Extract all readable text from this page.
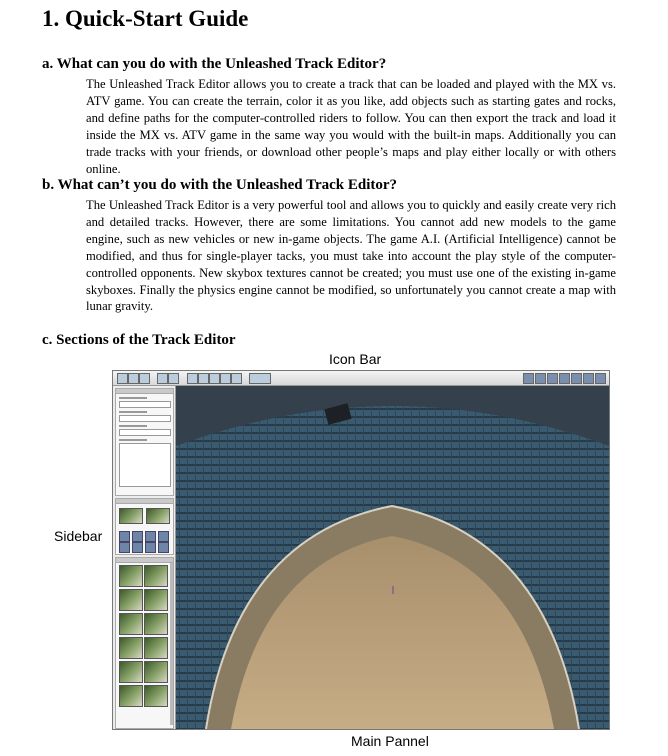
1. Quick-Start Guide
a. What can you do with the Unleashed Track Editor?

The Unleashed Track Editor allows you to create a track that can be loaded and played with the MX vs. ATV game. You can create the terrain, color it as you like, add objects such as starting gates and rocks, and define paths for the computer-controlled riders to follow. You can then export the track and load it inside the MX vs. ATV game in the same way you would with the built-in maps. Additionally you can trade tracks with your friends, or download other people’s maps and play either locally or with others online.

b. What can’t you do with the Unleashed Track Editor?

The Unleashed Track Editor is a very powerful tool and allows you to quickly and easily create very rich and detailed tracks. However, there are some limitations. You cannot add new models to the game engine, such as new vehicles or new in-game objects. The game A.I. (Artificial Intelligence) cannot be modified, and thus for single-player tacks, you must take into account the play style of the computer-controlled opponents. New skybox textures cannot be created; you must use one of the existing in-game skyboxes. Finally the physics engine cannot be modified, so unfortunately you cannot create a map with lunar gravity.

c. Sections of the Track Editor
Icon Bar
Sidebar
Main Pannel
